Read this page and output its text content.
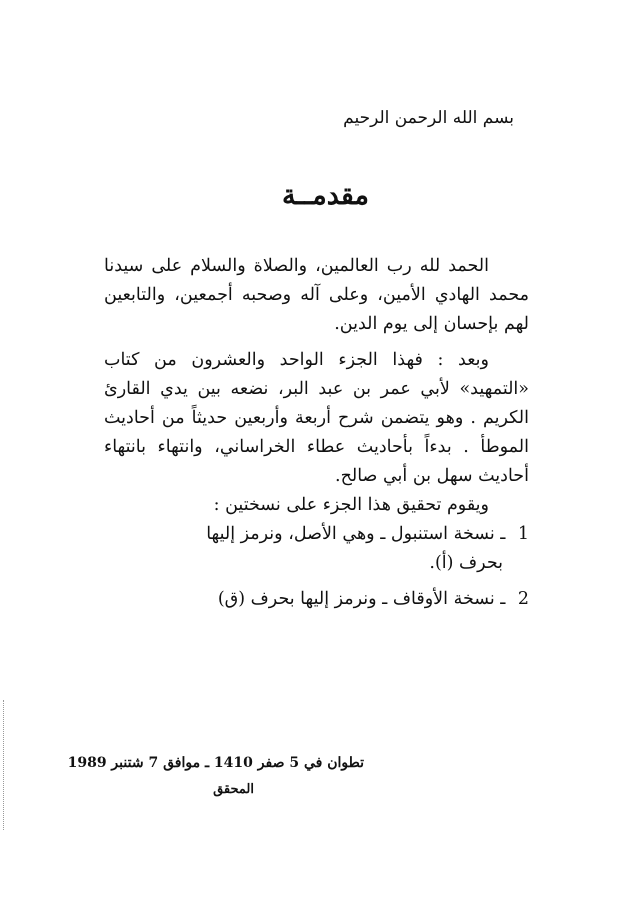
بسم الله الرحمن الرحيم
مقدمــة

الحمد لله رب العالمين، والصلاة والسلام على سيدنا محمد الهادي الأمين، وعلى آله وصحبه أجمعين، والتابعين لهم بإحسان إلى يوم الدين.

وبعد : فهذا الجزء الواحد والعشرون من كتاب «التمهيد» لأبي عمر بن عبد البر، نضعه بين يدي القارئ الكريم . وهو يتضمن شرح أربعة وأربعين حديثاً من أحاديث الموطأ . بدءاً بأحاديث عطاء الخراساني، وانتهاء بانتهاء أحاديث سهل بن أبي صالح.

ويقوم تحقيق هذا الجزء على نسختين :

1 ـ نسخة استنبول ـ وهي الأصل، ونرمز إليها

بحرف (أ).

2 ـ نسخة الأوقاف ـ ونرمز إليها بحرف (ق)

تطوان في 5 صفر 1410 ـ موافق 7 شتنبر 1989
المحقق
